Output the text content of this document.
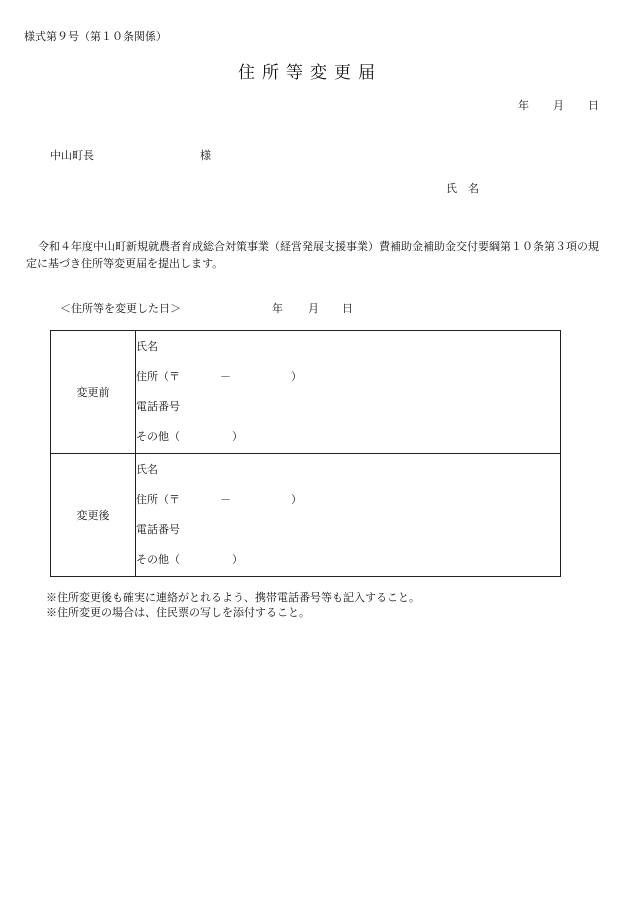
様式第９号（第１０条関係）
住所等変更届
年 月 日
中山町長	様
氏　名
令和４年度中山町新規就農者育成総合対策事業（経営発展支援事業）費補助金補助金交付要綱第１０条第３項の規定に基づき住所等変更届を提出します。
＜住所等を変更した日＞	年 月 日
変更前	氏名
住所（〒 － ）
電話番号
その他（ ）

変更後	氏名
住所（〒 － ）
電話番号
その他（ ）
※住所変更後も確実に連絡がとれるよう、携帯電話番号等も記入すること。
※住所変更の場合は、住民票の写しを添付すること。
